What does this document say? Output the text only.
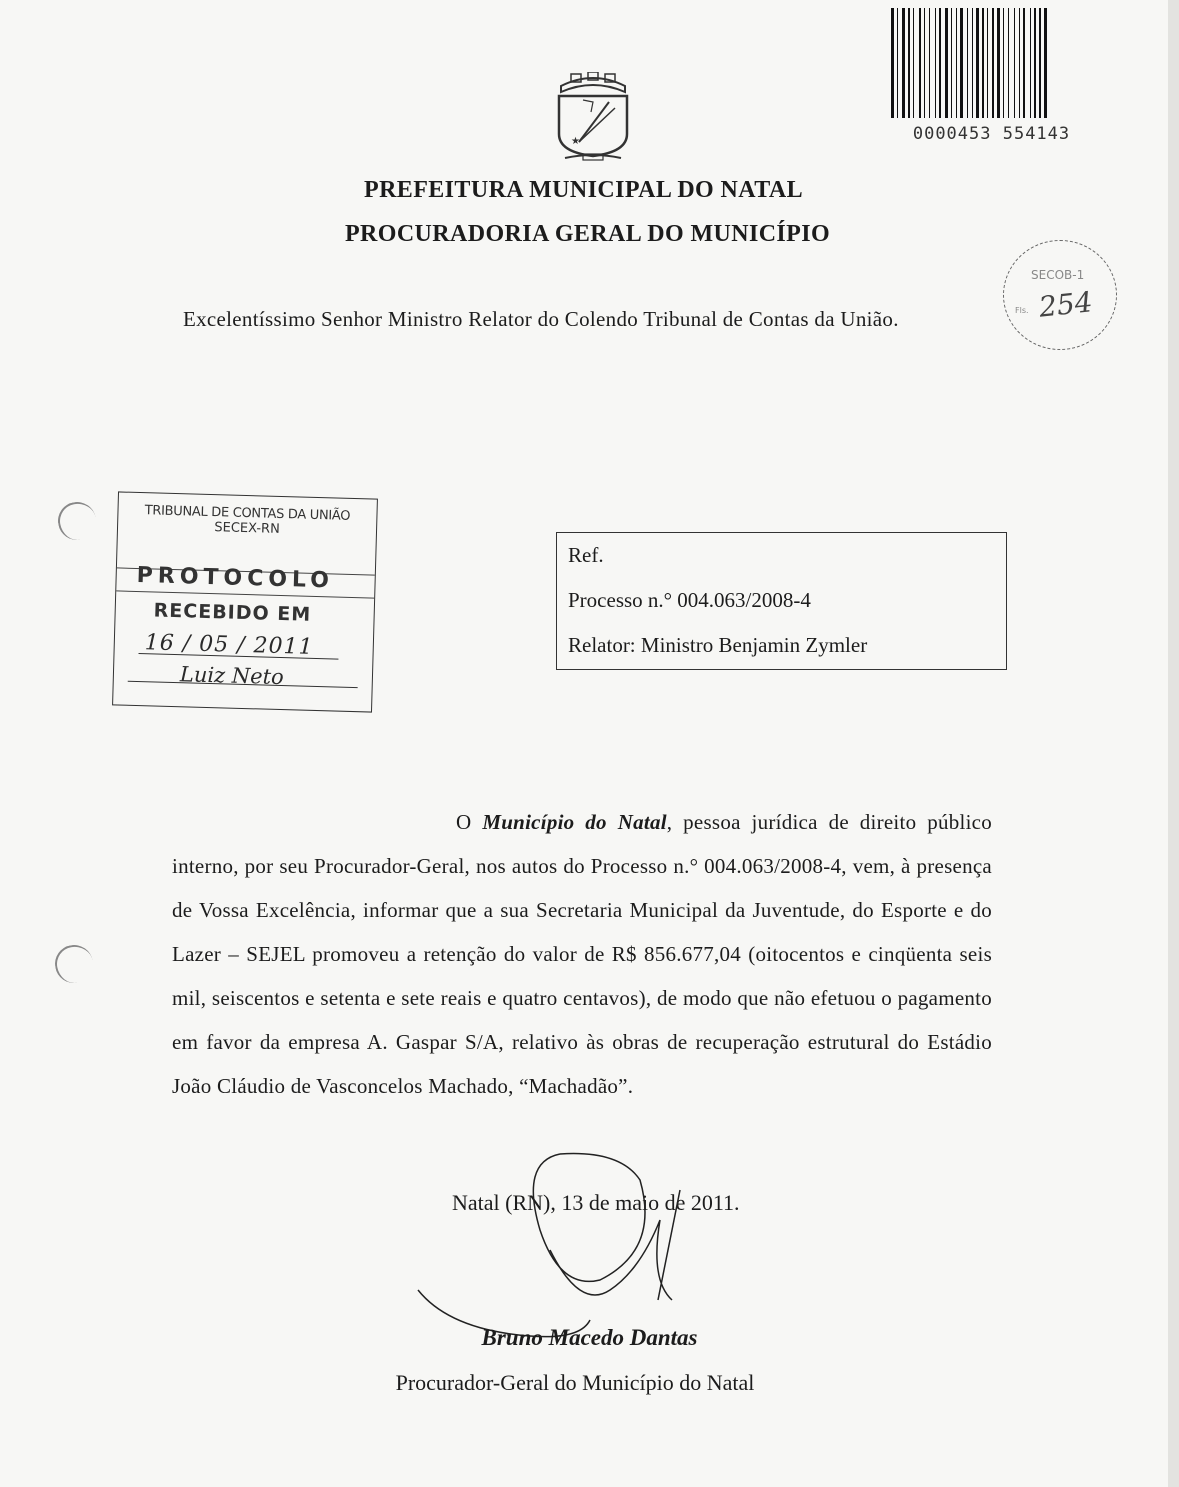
0000453 554143
★
PREFEITURA MUNICIPAL DO NATAL
PROCURADORIA GERAL DO MUNICÍPIO
SECOB-1
Fls. 254
Excelentíssimo Senhor Ministro Relator do Colendo Tribunal de Contas da União.
TRIBUNAL DE CONTAS DA UNIÃO
SECEX-RN
PROTOCOLO
RECEBIDO EM
16 / 05 / 2011
Luiz Neto
Ref.
Processo n.° 004.063/2008-4
Relator: Ministro Benjamin Zymler
O Município do Natal, pessoa jurídica de direito público interno, por seu Procurador-Geral, nos autos do Processo n.° 004.063/2008-4, vem, à presença de Vossa Excelência, informar que a sua Secretaria Municipal da Juventude, do Esporte e do Lazer – SEJEL promoveu a retenção do valor de R$ 856.677,04 (oitocentos e cinqüenta seis mil, seiscentos e setenta e sete reais e quatro centavos), de modo que não efetuou o pagamento em favor da empresa A. Gaspar S/A, relativo às obras de recuperação estrutural do Estádio João Cláudio de Vasconcelos Machado, “Machadão”.
Natal (RN), 13 de maio de 2011.
Bruno Macedo Dantas
Procurador-Geral do Município do Natal
